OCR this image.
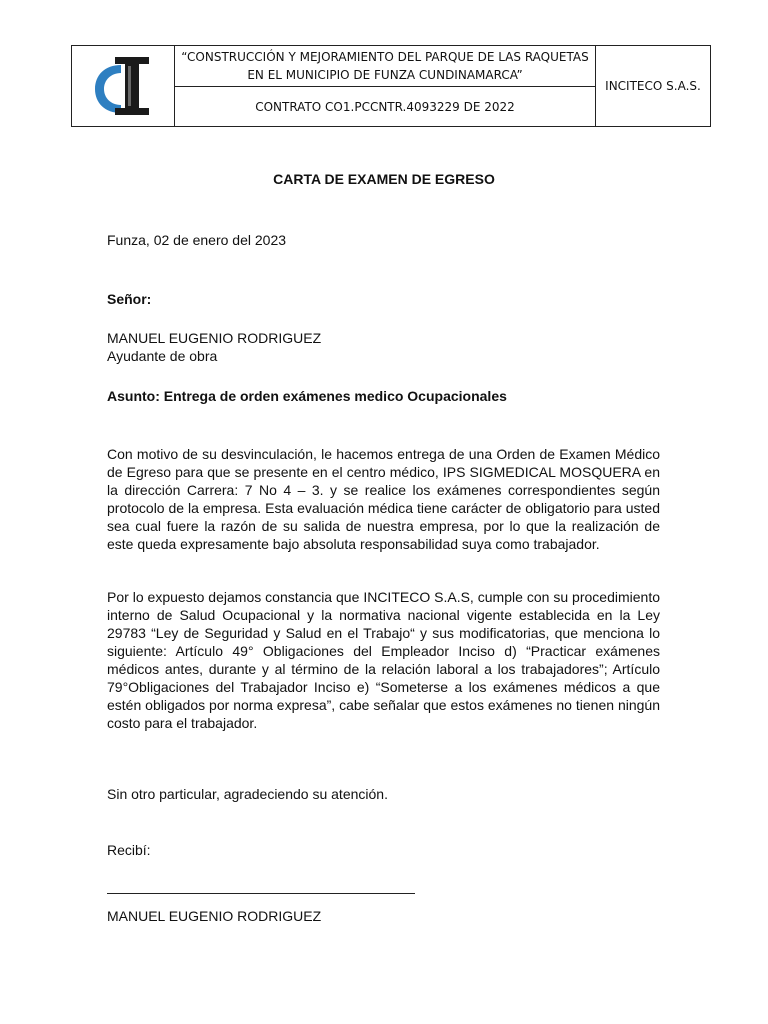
	“CONSTRUCCIÓN Y MEJORAMIENTO DEL PARQUE DE LAS RAQUETAS EN EL MUNICIPIO DE FUNZA CUNDINAMARCA”	INCITECO S.A.S.
CONTRATO CO1.PCCNTR.4093229 DE 2022
CARTA DE EXAMEN DE EGRESO
Funza, 02 de enero del 2023
Señor:
MANUEL EUGENIO RODRIGUEZ
Ayudante de obra
Asunto: Entrega de orden exámenes medico Ocupacionales

Con motivo de su desvinculación, le hacemos entrega de una Orden de Examen Médico de Egreso para que se presente en el centro médico, IPS SIGMEDICAL MOSQUERA en la dirección Carrera: 7 No 4 – 3. y se realice los exámenes correspondientes según protocolo de la empresa. Esta evaluación médica tiene carácter de obligatorio para usted sea cual fuere la razón de su salida de nuestra empresa, por lo que la realización de este queda expresamente bajo absoluta responsabilidad suya como trabajador.

Por lo expuesto dejamos constancia que INCITECO S.A.S, cumple con su procedimiento interno de Salud Ocupacional y la normativa nacional vigente establecida en la Ley 29783 “Ley de Seguridad y Salud en el Trabajo“ y sus modificatorias, que menciona lo siguiente: Artículo 49° Obligaciones del Empleador Inciso d) “Practicar exámenes médicos antes, durante y al término de la relación laboral a los trabajadores”; Artículo 79°Obligaciones del Trabajador Inciso e) “Someterse a los exámenes médicos a que estén obligados por norma expresa”, cabe señalar que estos exámenes no tienen ningún costo para el trabajador.

Sin otro particular, agradeciendo su atención.
Recibí:
MANUEL EUGENIO RODRIGUEZ
